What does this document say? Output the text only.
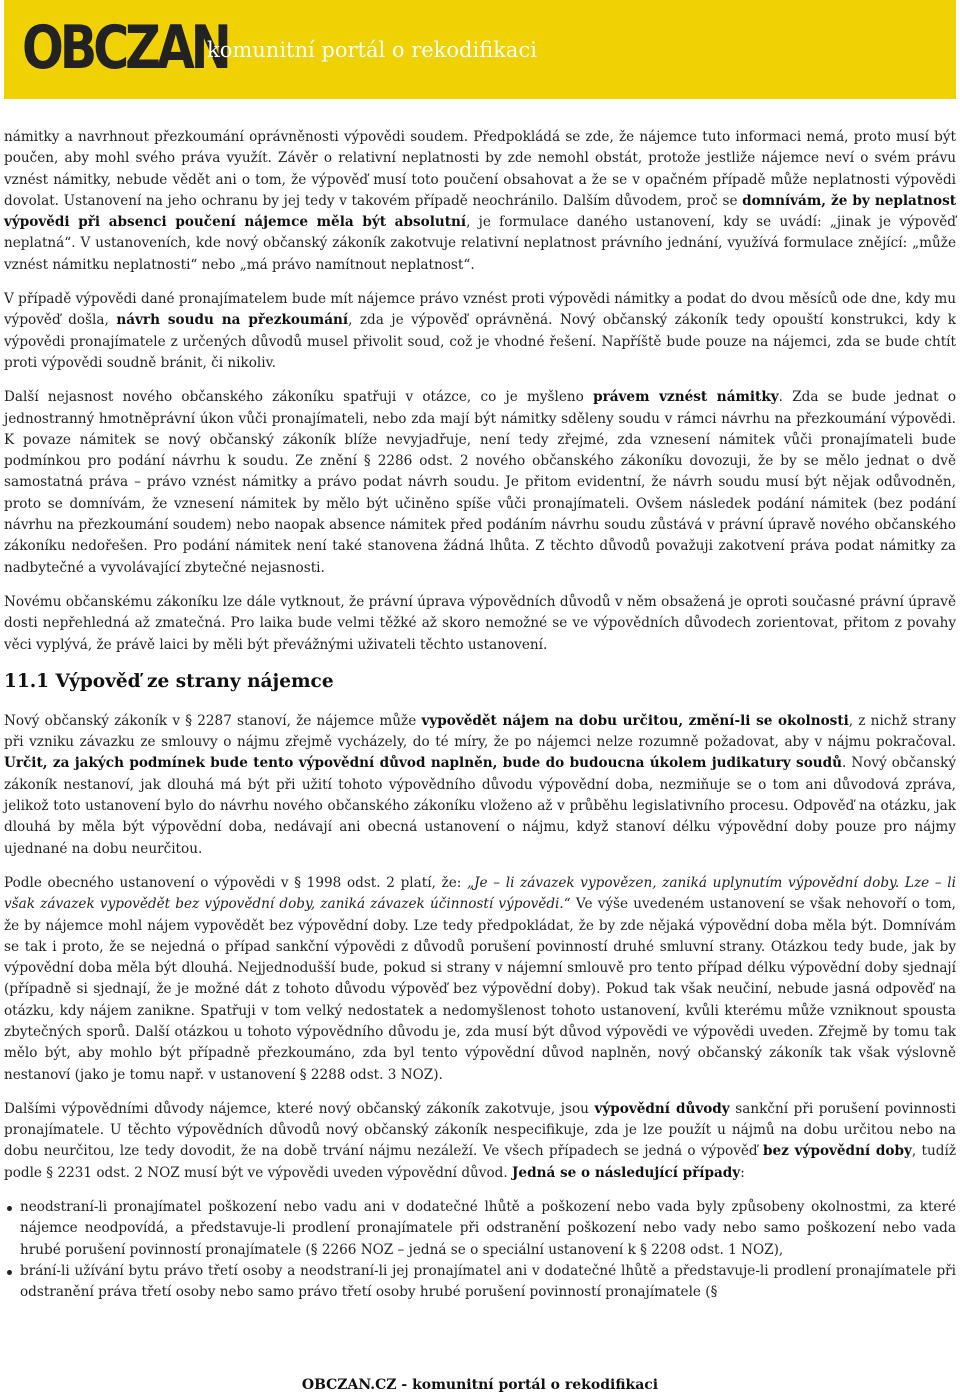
OBCZAN
komunitní portál o rekodifikaci

námitky a navrhnout přezkoumání oprávněnosti výpovědi soudem. Předpokládá se zde, že nájemce tuto informaci nemá, proto musí být poučen, aby mohl svého práva využít. Závěr o relativní neplatnosti by zde nemohl obstát, protože jestliže nájemce neví o svém právu vznést námitky, nebude vědět ani o tom, že výpověď musí toto poučení obsahovat a že se v opačném případě může neplatnosti výpovědi dovolat. Ustanovení na jeho ochranu by jej tedy v takovém případě neochránilo. Dalším důvodem, proč se domnívám, že by neplatnost výpovědi při absenci poučení nájemce měla být absolutní, je formulace daného ustanovení, kdy se uvádí: „jinak je výpověď neplatná“. V ustanoveních, kde nový občanský zákoník zakotvuje relativní neplatnost právního jednání, využívá formulace znějící: „může vznést námitku neplatnosti“ nebo „má právo namítnout neplatnost“.

V případě výpovědi dané pronajímatelem bude mít nájemce právo vznést proti výpovědi námitky a podat do dvou měsíců ode dne, kdy mu výpověď došla, návrh soudu na přezkoumání, zda je výpověď oprávněná. Nový občanský zákoník tedy opouští konstrukci, kdy k výpovědi pronajímatele z určených důvodů musel přivolit soud, což je vhodné řešení. Napříště bude pouze na nájemci, zda se bude chtít proti výpovědi soudně bránit, či nikoliv.

Další nejasnost nového občanského zákoníku spatřuji v otázce, co je myšleno právem vznést námitky. Zda se bude jednat o jednostranný hmotněprávní úkon vůči pronajímateli, nebo zda mají být námitky sděleny soudu v rámci návrhu na přezkoumání výpovědi. K povaze námitek se nový občanský zákoník blíže nevyjadřuje, není tedy zřejmé, zda vznesení námitek vůči pronajímateli bude podmínkou pro podání návrhu k soudu. Ze znění § 2286 odst. 2 nového občanského zákoníku dovozuji, že by se mělo jednat o dvě samostatná práva – právo vznést námitky a právo podat návrh soudu. Je přitom evidentní, že návrh soudu musí být nějak odůvodněn, proto se domnívám, že vznesení námitek by mělo být učiněno spíše vůči pronajímateli. Ovšem následek podání námitek (bez podání návrhu na přezkoumání soudem) nebo naopak absence námitek před podáním návrhu soudu zůstává v právní úpravě nového občanského zákoníku nedořešen. Pro podání námitek není také stanovena žádná lhůta. Z těchto důvodů považuji zakotvení práva podat námitky za nadbytečné a vyvolávající zbytečné nejasnosti.

Novému občanskému zákoníku lze dále vytknout, že právní úprava výpovědních důvodů v něm obsažená je oproti současné právní úpravě dosti nepřehledná až zmatečná. Pro laika bude velmi těžké až skoro nemožné se ve výpovědních důvodech zorientovat, přitom z povahy věci vyplývá, že právě laici by měli být převážnými uživateli těchto ustanovení.

11.1 Výpověď ze strany nájemce

Nový občanský zákoník v § 2287 stanoví, že nájemce může vypovědět nájem na dobu určitou, změní-li se okolnosti, z nichž strany při vzniku závazku ze smlouvy o nájmu zřejmě vycházely, do té míry, že po nájemci nelze rozumně požadovat, aby v nájmu pokračoval. Určit, za jakých podmínek bude tento výpovědní důvod naplněn, bude do budoucna úkolem judikatury soudů. Nový občanský zákoník nestanoví, jak dlouhá má být při užití tohoto výpovědního důvodu výpovědní doba, nezmiňuje se o tom ani důvodová zpráva, jelikož toto ustanovení bylo do návrhu nového občanského zákoníku vloženo až v průběhu legislativního procesu. Odpověď na otázku, jak dlouhá by měla být výpovědní doba, nedávají ani obecná ustanovení o nájmu, když stanoví délku výpovědní doby pouze pro nájmy ujednané na dobu neurčitou.

Podle obecného ustanovení o výpovědi v § 1998 odst. 2 platí, že: „Je – li závazek vypovězen, zaniká uplynutím výpovědní doby. Lze – li však závazek vypovědět bez výpovědní doby, zaniká závazek účinností výpovědi.“ Ve výše uvedeném ustanovení se však nehovoří o tom, že by nájemce mohl nájem vypovědět bez výpovědní doby. Lze tedy předpokládat, že by zde nějaká výpovědní doba měla být. Domnívám se tak i proto, že se nejedná o případ sankční výpovědi z důvodů porušení povinností druhé smluvní strany. Otázkou tedy bude, jak by výpovědní doba měla být dlouhá. Nejjednodušší bude, pokud si strany v nájemní smlouvě pro tento případ délku výpovědní doby sjednají (případně si sjednají, že je možné dát z tohoto důvodu výpověď bez výpovědní doby). Pokud tak však neučiní, nebude jasná odpověď na otázku, kdy nájem zanikne. Spatřuji v tom velký nedostatek a nedomyšlenost tohoto ustanovení, kvůli kterému může vzniknout spousta zbytečných sporů. Další otázkou u tohoto výpovědního důvodu je, zda musí být důvod výpovědi ve výpovědi uveden. Zřejmě by tomu tak mělo být, aby mohlo být případně přezkoumáno, zda byl tento výpovědní důvod naplněn, nový občanský zákoník tak však výslovně nestanoví (jako je tomu např. v ustanovení § 2288 odst. 3 NOZ).

Dalšími výpovědními důvody nájemce, které nový občanský zákoník zakotvuje, jsou výpovědní důvody sankční při porušení povinnosti pronajímatele. U těchto výpovědních důvodů nový občanský zákoník nespecifikuje, zda je lze použít u nájmů na dobu určitou nebo na dobu neurčitou, lze tedy dovodit, že na době trvání nájmu nezáleží. Ve všech případech se jedná o výpověď bez výpovědní doby, tudíž podle § 2231 odst. 2 NOZ musí být ve výpovědi uveden výpovědní důvod. Jedná se o následující případy:

neodstraní-li pronajímatel poškození nebo vadu ani v dodatečné lhůtě a poškození nebo vada byly způsobeny okolnostmi, za které nájemce neodpovídá, a představuje-li prodlení pronajímatele při odstranění poškození nebo vady nebo samo poškození nebo vada hrubé porušení povinností pronajímatele (§ 2266 NOZ – jedná se o speciální ustanovení k § 2208 odst. 1 NOZ),
brání-li užívání bytu právo třetí osoby a neodstraní-li jej pronajímatel ani v dodatečné lhůtě a představuje-li prodlení pronajímatele při odstranění práva třetí osoby nebo samo právo třetí osoby hrubé porušení povinností pronajímatele (§
OBCZAN.CZ - komunitní portál o rekodifikaci
